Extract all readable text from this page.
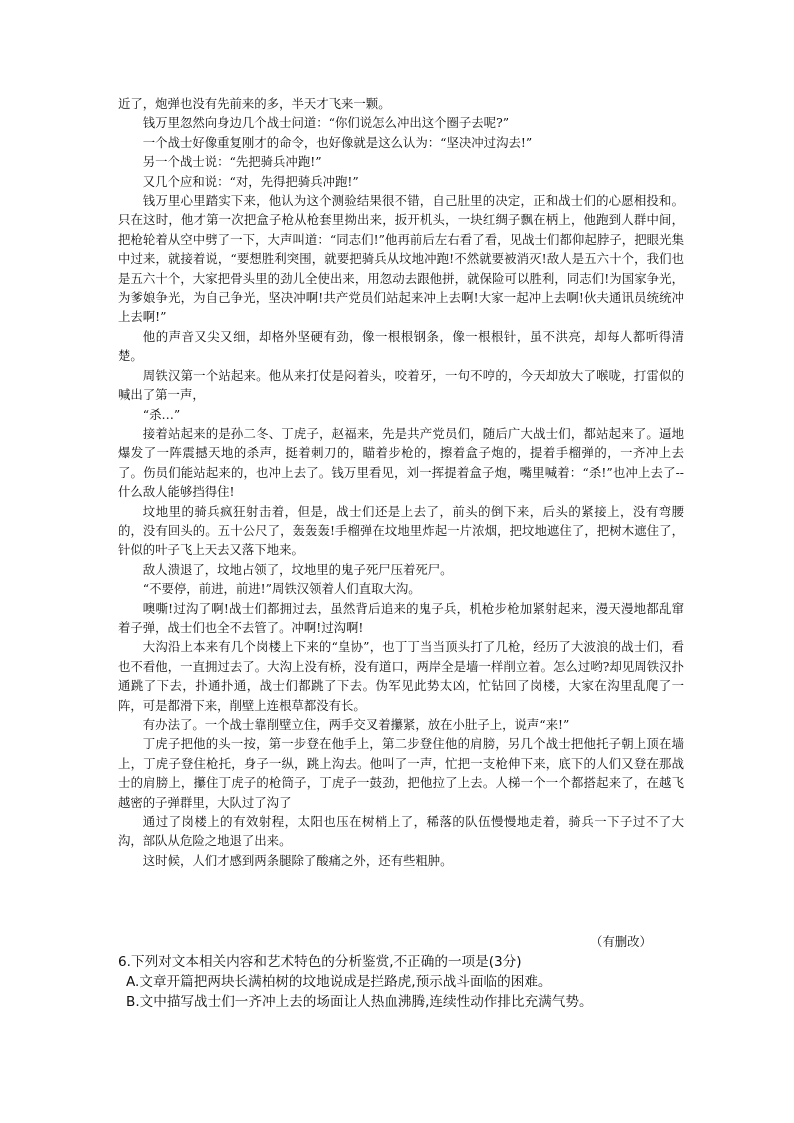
近了，炮弹也没有先前来的多，半天才飞来一颗。

钱万里忽然向身边几个战士问道：“你们说怎么冲出这个圈子去呢?”

一个战士好像重复刚才的命令，也好像就是这么认为：“坚决冲过沟去!”

另一个战士说：“先把骑兵冲跑!”

又几个应和说：“对，先得把骑兵冲跑!”

钱万里心里踏实下来，他认为这个测验结果很不错，自己肚里的决定，正和战士们的心愿相投和。只在这时，他才第一次把盒子枪从枪套里拗出来，扳开机头，一块红绸子飘在柄上，他跑到人群中间，把枪轮着从空中劈了一下，大声叫道：“同志们!”他再前后左右看了看，见战士们都仰起脖子，把眼光集中过来，就接着说，“要想胜利突围，就要把骑兵从坟地冲跑!不然就要被消灭!敌人是五六十个，我们也是五六十个，大家把骨头里的劲儿全使出来，用忽动去跟他拼，就保险可以胜利，同志们!为国家争光，为爹娘争光，为自己争光，坚决冲啊!共产党员们站起来冲上去啊!大家一起冲上去啊!伙夫通讯员统统冲上去啊!”

他的声音又尖又细，却格外坚硬有劲，像一根根钢条，像一根根针，虽不洪亮，却每人都听得清楚。

周铁汉第一个站起来。他从来打仗是闷着头，咬着牙，一句不哼的，今天却放大了喉咙，打雷似的喊出了第一声，

“杀…”

接着站起来的是孙二冬、丁虎子，赵福来，先是共产党员们，随后广大战士们，都站起来了。逼地爆发了一阵震撼天地的杀声，挺着刺刀的，瞄着步枪的，擦着盒子炮的，提着手榴弹的，一齐冲上去了。伤员们能站起来的，也冲上去了。钱万里看见，刘一挥提着盒子炮，嘴里喊着：“杀!”也冲上去了--什么敌人能够挡得住!

坟地里的骑兵疯狂射击着，但是，战士们还是上去了，前头的倒下来，后头的紧接上，没有弯腰的，没有回头的。五十公尺了，轰轰轰!手榴弹在坟地里炸起一片浓烟，把坟地遮住了，把树木遮住了，针似的叶子飞上天去又落下地来。

敌人溃退了，坟地占领了，坟地里的鬼子死尸压着死尸。

“不要停，前进，前进!”周铁汉领着人们直取大沟。

噢嘶!过沟了啊!战士们都拥过去，虽然背后追来的鬼子兵，机枪步枪加紧射起来，漫天漫地都乱窜着子弹，战士们也全不去管了。冲啊!过沟啊!

大沟沿上本来有几个岗楼上下来的“皇协”，也丁丁当当顶头打了几枪，经历了大波浪的战士们，看也不看他，一直拥过去了。大沟上没有桥，没有道口，两岸全是墙一样削立着。怎么过哟?却见周铁汉扑通跳了下去，扑通扑通，战士们都跳了下去。伪军见此势太凶，忙钻回了岗楼，大家在沟里乱爬了一阵，可是都滑下来，削壁上连根草都没有长。

有办法了。一个战士靠削壁立住，两手交叉着攥紧，放在小肚子上，说声“来!”

丁虎子把他的头一按，第一步登在他手上，第二步登住他的肩膀，另几个战士把他托子朝上顶在墙上，丁虎子登住枪托，身子一纵，跳上沟去。他叫了一声，忙把一支枪伸下来，底下的人们又登在那战士的肩膀上，攥住丁虎子的枪筒子，丁虎子一鼓劲，把他拉了上去。人梯一个一个都搭起来了，在越飞越密的子弹群里，大队过了沟了

通过了岗楼上的有效射程，太阳也压在树梢上了，稀落的队伍慢慢地走着，骑兵一下子过不了大沟，部队从危险之地退了出来。

这时候，人们才感到两条腿除了酸痛之外，还有些粗肿。

（有删改）

6.下列对文本相关内容和艺术特色的分析鉴赏,不正确的一项是(3分)

A.文章开篇把两块长满柏树的坟地说成是拦路虎,预示战斗面临的困难。

B.文中描写战士们一齐冲上去的场面让人热血沸腾,连续性动作排比充满气势。
